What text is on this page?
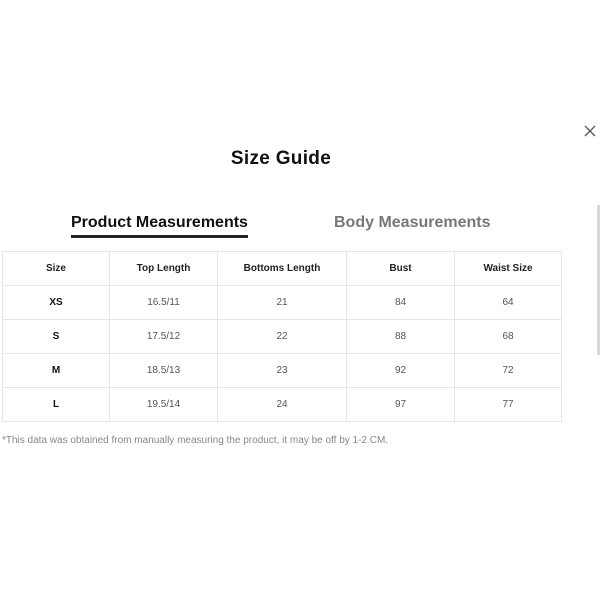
Size Guide
Product Measurements	Body Measurements
Size	Top Length	Bottoms Length	Bust	Waist Size
XS	16.5/11	21	84	64
S	17.5/12	22	88	68
M	18.5/13	23	92	72
L	19.5/14	24	97	77
*This data was obtained from manually measuring the product, it may be off by 1-2 CM.
